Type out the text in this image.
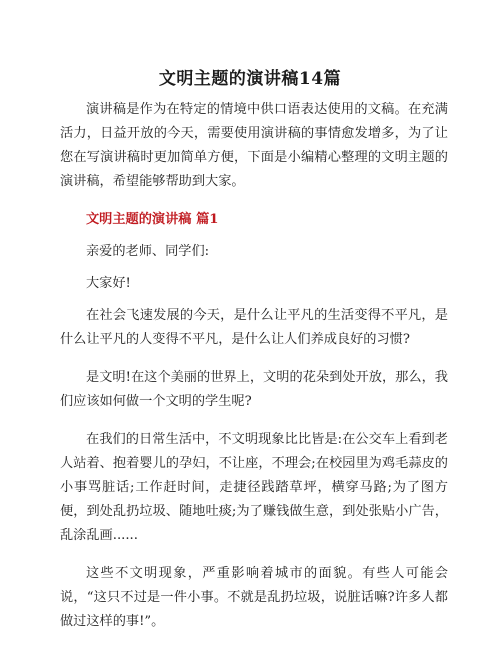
文明主题的演讲稿14篇

演讲稿是作为在特定的情境中供口语表达使用的文稿。在充满活力，日益开放的今天，需要使用演讲稿的事情愈发增多，为了让您在写演讲稿时更加简单方便，下面是小编精心整理的文明主题的演讲稿，希望能够帮助到大家。

文明主题的演讲稿 篇1

亲爱的老师、同学们:

大家好!

在社会飞速发展的今天，是什么让平凡的生活变得不平凡，是什么让平凡的人变得不平凡，是什么让人们养成良好的习惯?

是文明!在这个美丽的世界上，文明的花朵到处开放，那么，我们应该如何做一个文明的学生呢?

在我们的日常生活中，不文明现象比比皆是:在公交车上看到老人站着、抱着婴儿的孕妇，不让座，不理会;在校园里为鸡毛蒜皮的小事骂脏话;工作赶时间，走捷径践踏草坪，横穿马路;为了图方便，到处乱扔垃圾、随地吐痰;为了赚钱做生意，到处张贴小广告，乱涂乱画......

这些不文明现象，严重影响着城市的面貌。有些人可能会说，“这只不过是一件小事。不就是乱扔垃圾，说脏话嘛?许多人都做过这样的事!”。
